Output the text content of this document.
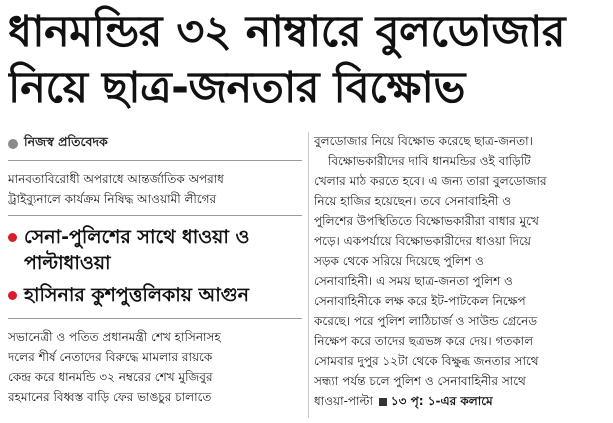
ধানমন্ডির ৩২ নাম্বারে বুলডোজার
নিয়ে ছাত্র-জনতার বিক্ষোভ
নিজস্ব প্রতিবেদক
মানবতাবিরোধী অপরাধে আন্তর্জাতিক অপরাধ
ট্রাইব্যুনালে কার্যক্রম নিষিদ্ধ আওয়ামী লীগের
সেনা-পুলিশের সাথে ধাওয়া ও
পাল্টাধাওয়া
হাসিনার কুশপুত্তলিকায় আগুন
সভানেত্রী ও পতিত প্রধানমন্ত্রী শেখ হাসিনাসহ
দলের শীর্ষ নেতাদের বিরুদ্ধে মামলার রায়কে
কেন্দ্র করে ধানমন্ডি ৩২ নম্বরের শেখ মুজিবুর
রহমানের বিধ্বস্ত বাড়ি ফের ভাঙচুর চালাতে
বুলডোজার নিয়ে বিক্ষোভ করেছে ছাত্র-জনতা।
বিক্ষোভকারীদের দাবি ধানমন্ডির ওই বাড়িটি
খেলার মাঠ করতে হবে। এ জন্য তারা বুলডোজার
নিয়ে হাজির হয়েছেন। তবে সেনাবাহিনী ও
পুলিশের উপস্থিতিতে বিক্ষোভকারীরা বাধার মুখে
পড়ে। একপর্যায়ে বিক্ষোভকারীদের ধাওয়া দিয়ে
সড়ক থেকে সরিয়ে দিয়েছে পুলিশ ও
সেনাবাহিনী। এ সময় ছাত্র-জনতা পুলিশ ও
সেনাবাহিনীকে লক্ষ করে ইট-পাটকেল নিক্ষেপ
করেছে। পরে পুলিশ লাঠিচার্জ ও সাউন্ড গ্রেনেড
নিক্ষেপ করে তাদের ছত্রভঙ্গ করে দেয়। গতকাল
সোমবার দুপুর ১২টা থেকে বিক্ষুব্ধ জনতার সাথে
সন্ধ্যা পর্যন্ত চলে পুলিশ ও সেনাবাহিনীর সাথে
ধাওয়া-পাল্টা ১৩ পৃ: ১-এর কলামে
